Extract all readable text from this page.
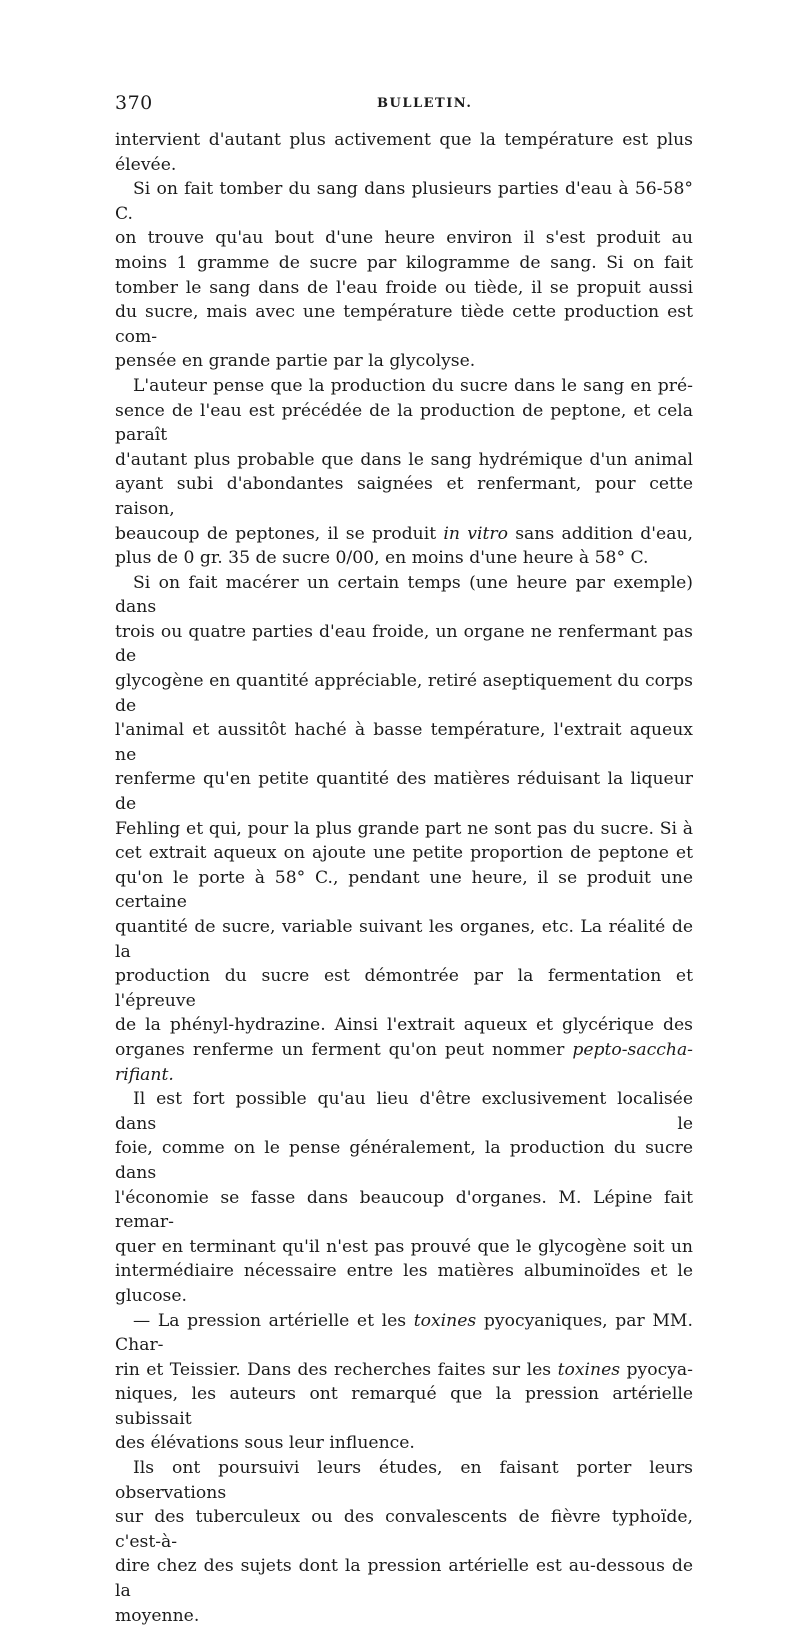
370	BULLETIN.

intervient d'autant plus activement que la température est plus

élevée.

Si on fait tomber du sang dans plusieurs parties d'eau à 56-58° C.

on trouve qu'au bout d'une heure environ il s'est produit au

moins 1 gramme de sucre par kilogramme de sang. Si on fait

tomber le sang dans de l'eau froide ou tiède, il se propuit aussi

du sucre, mais avec une température tiède cette production est com-

pensée en grande partie par la glycolyse.

L'auteur pense que la production du sucre dans le sang en pré-

sence de l'eau est précédée de la production de peptone, et cela paraît

d'autant plus probable que dans le sang hydrémique d'un animal

ayant subi d'abondantes saignées et renfermant, pour cette raison,

beaucoup de peptones, il se produit in vitro sans addition d'eau,

plus de 0 gr. 35 de sucre 0/00, en moins d'une heure à 58° C.

Si on fait macérer un certain temps (une heure par exemple) dans

trois ou quatre parties d'eau froide, un organe ne renfermant pas de

glycogène en quantité appréciable, retiré aseptiquement du corps de

l'animal et aussitôt haché à basse température, l'extrait aqueux ne

renferme qu'en petite quantité des matières réduisant la liqueur de

Fehling et qui, pour la plus grande part ne sont pas du sucre. Si à

cet extrait aqueux on ajoute une petite proportion de peptone et

qu'on le porte à 58° C., pendant une heure, il se produit une certaine

quantité de sucre, variable suivant les organes, etc. La réalité de la

production du sucre est démontrée par la fermentation et l'épreuve

de la phényl-hydrazine. Ainsi l'extrait aqueux et glycérique des

organes renferme un ferment qu'on peut nommer pepto-saccha-

rifiant.

Il est fort possible qu'au lieu d'être exclusivement localisée dans le

foie, comme on le pense généralement, la production du sucre dans

l'économie se fasse dans beaucoup d'organes. M. Lépine fait remar-

quer en terminant qu'il n'est pas prouvé que le glycogène soit un

intermédiaire nécessaire entre les matières albuminoïdes et le

glucose.

— La pression artérielle et les toxines pyocyaniques, par MM. Char-

rin et Teissier. Dans des recherches faites sur les toxines pyocya-

niques, les auteurs ont remarqué que la pression artérielle subissait

des élévations sous leur influence.

Ils ont poursuivi leurs études, en faisant porter leurs observations

sur des tuberculeux ou des convalescents de fièvre typhoïde, c'est-à-

dire chez des sujets dont la pression artérielle est au-dessous de la

moyenne.
